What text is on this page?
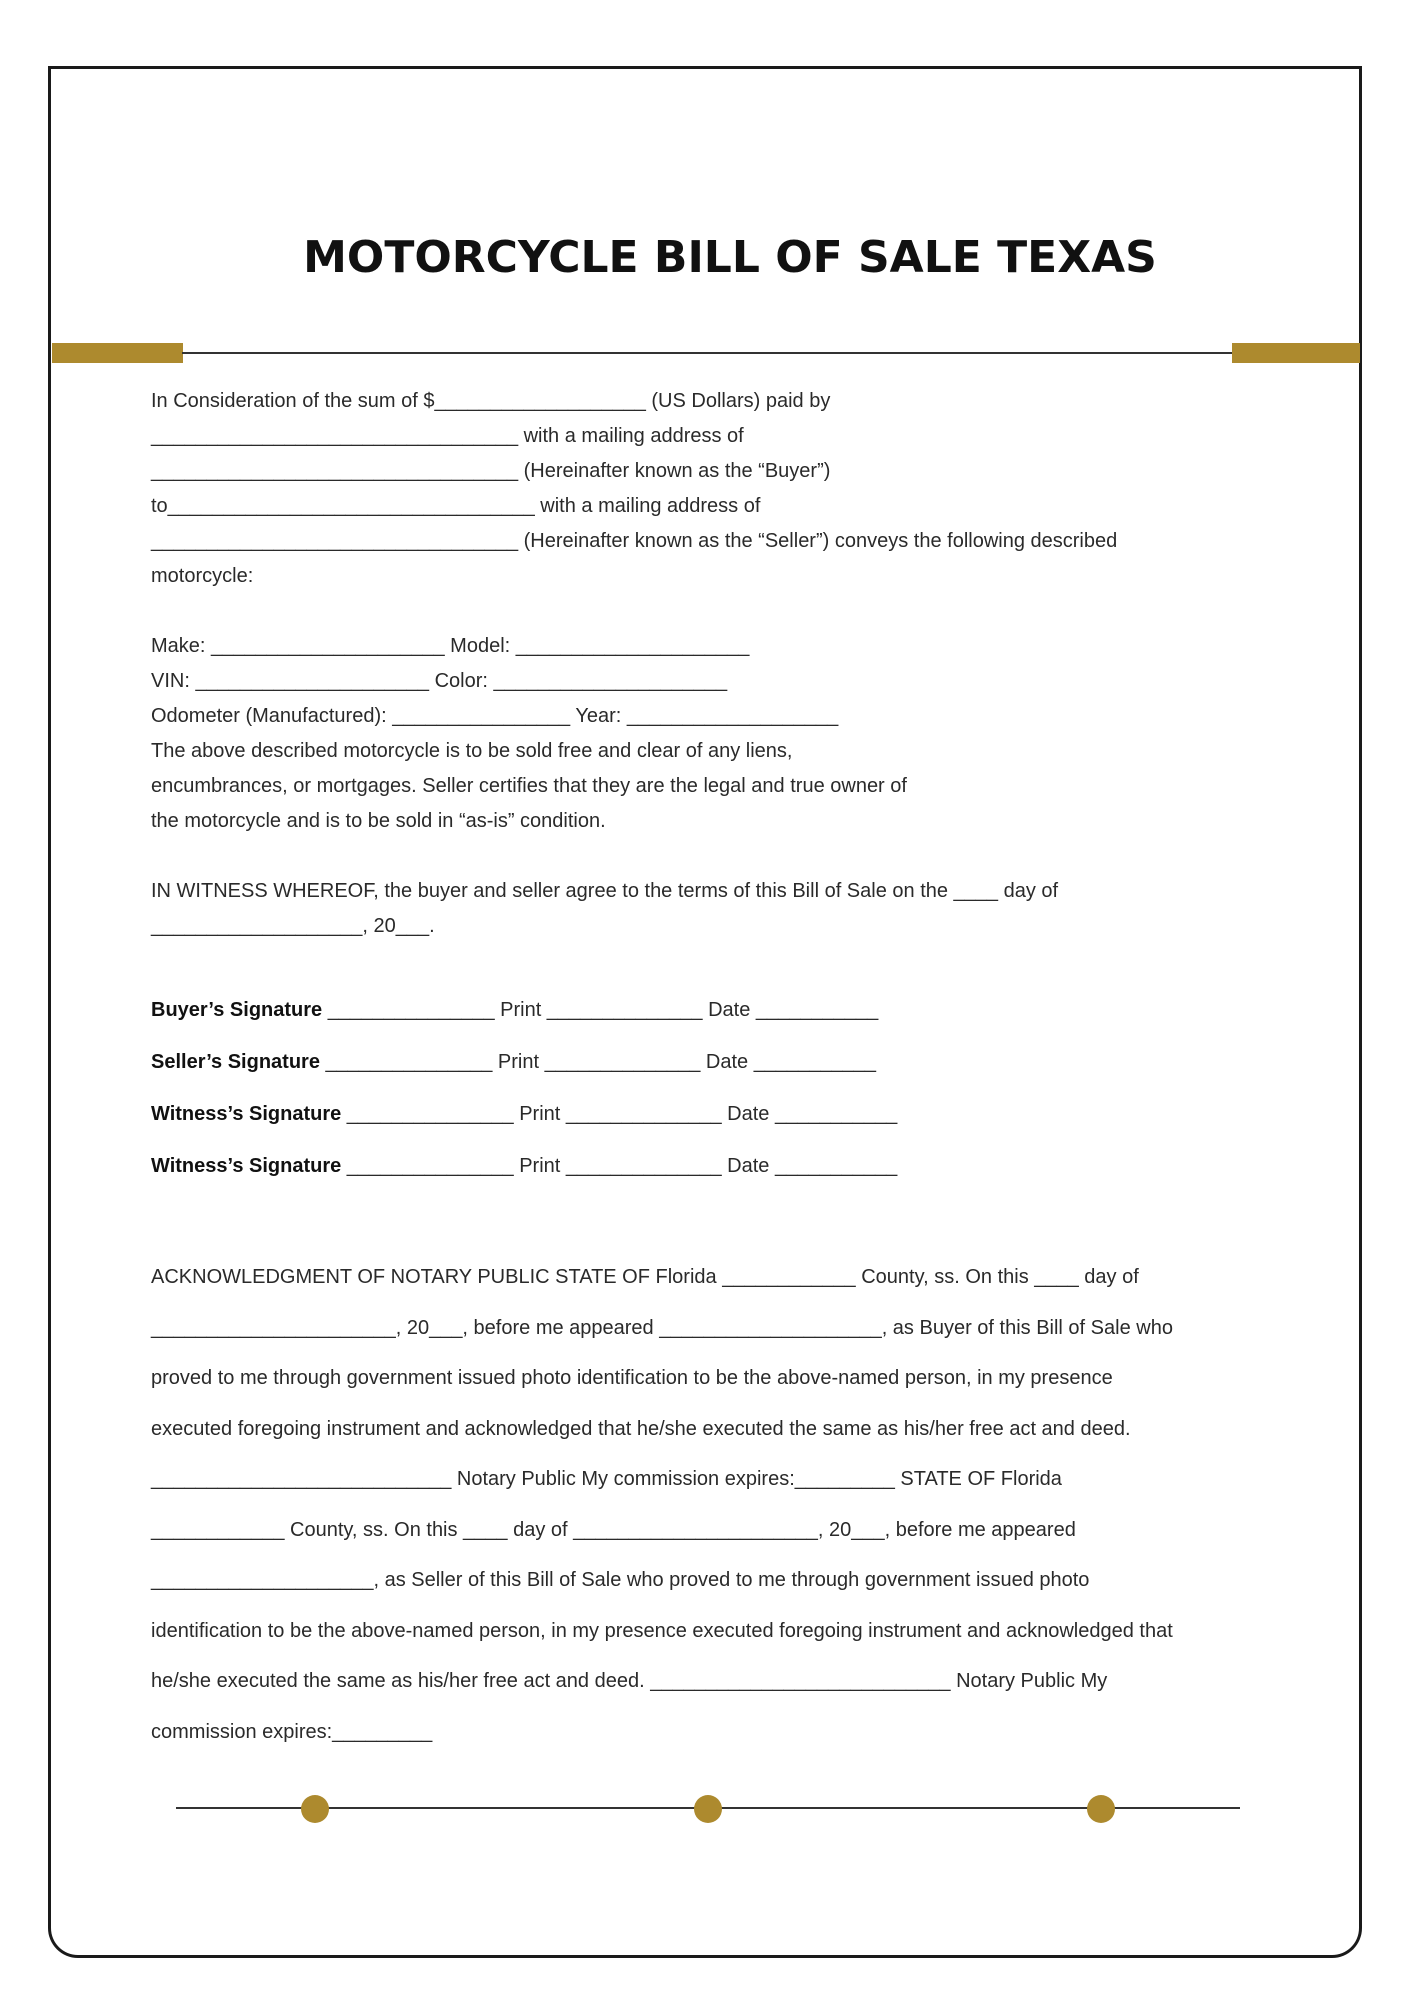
MOTORCYCLE BILL OF SALE TEXAS
In Consideration of the sum of $___________________ (US Dollars) paid by
_________________________________ with a mailing address of
_________________________________ (Hereinafter known as the “Buyer”)
to_________________________________ with a mailing address of
_________________________________ (Hereinafter known as the “Seller”) conveys the following described
motorcycle:
Make: _____________________ Model: _____________________
VIN: _____________________ Color: _____________________
Odometer (Manufactured): ________________ Year: ___________________
The above described motorcycle is to be sold free and clear of any liens,
encumbrances, or mortgages. Seller certifies that they are the legal and true owner of
the motorcycle and is to be sold in “as-is” condition.
IN WITNESS WHEREOF, the buyer and seller agree to the terms of this Bill of Sale on the ____ day of
___________________, 20___.
Buyer’s Signature _______________ Print ______________ Date ___________
Seller’s Signature _______________ Print ______________ Date ___________
Witness’s Signature _______________ Print ______________ Date ___________
Witness’s Signature _______________ Print ______________ Date ___________
ACKNOWLEDGMENT OF NOTARY PUBLIC STATE OF Florida ____________ County, ss. On this ____ day of
______________________, 20___, before me appeared ____________________, as Buyer of this Bill of Sale who
proved to me through government issued photo identification to be the above-named person, in my presence
executed foregoing instrument and acknowledged that he/she executed the same as his/her free act and deed.
___________________________ Notary Public My commission expires:_________ STATE OF Florida
____________ County, ss. On this ____ day of ______________________, 20___, before me appeared
____________________, as Seller of this Bill of Sale who proved to me through government issued photo
identification to be the above-named person, in my presence executed foregoing instrument and acknowledged that
he/she executed the same as his/her free act and deed. ___________________________ Notary Public My
commission expires:_________
